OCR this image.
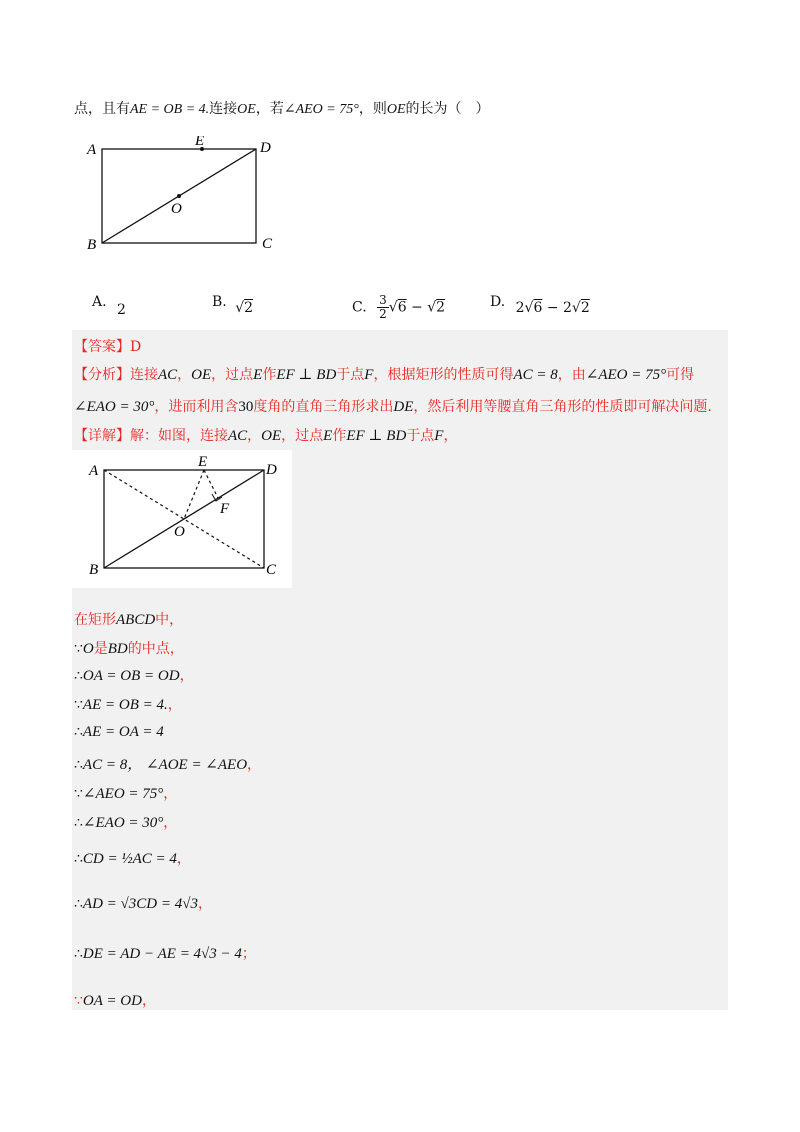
点，且有AE = OB = 4.连接OE，若∠AEO = 75°，则OE的长为（　）
A
E	D
O
B	C
A. 2	B. √2	C. 3
2 √6 − √2	D. 2√6 − 2√2
【答案】D
【分析】连接AC，OE，过点E作EF ⊥ BD于点F，根据矩形的性质可得AC = 8，由∠AEO = 75°可得
∠EAO = 30°，进而利用含30度角的直角三角形求出DE，然后利用等腰直角三角形的性质即可解决问题.
【详解】解：如图，连接AC，OE，过点E作EF ⊥ BD于点F，
A
E	D
F
O
B	C
在矩形ABCD中，
∵O是BD的中点，
∴OA = OB = OD，
∵AE = OB = 4.，
∴AE = OA = 4
∴AC = 8， ∠AOE = ∠AEO，
∵∠AEO = 75°，
∴∠EAO = 30°，
∴CD = ½AC = 4，
∴AD = √3CD = 4√3，
∴DE = AD − AE = 4√3 − 4；
∵OA = OD，
